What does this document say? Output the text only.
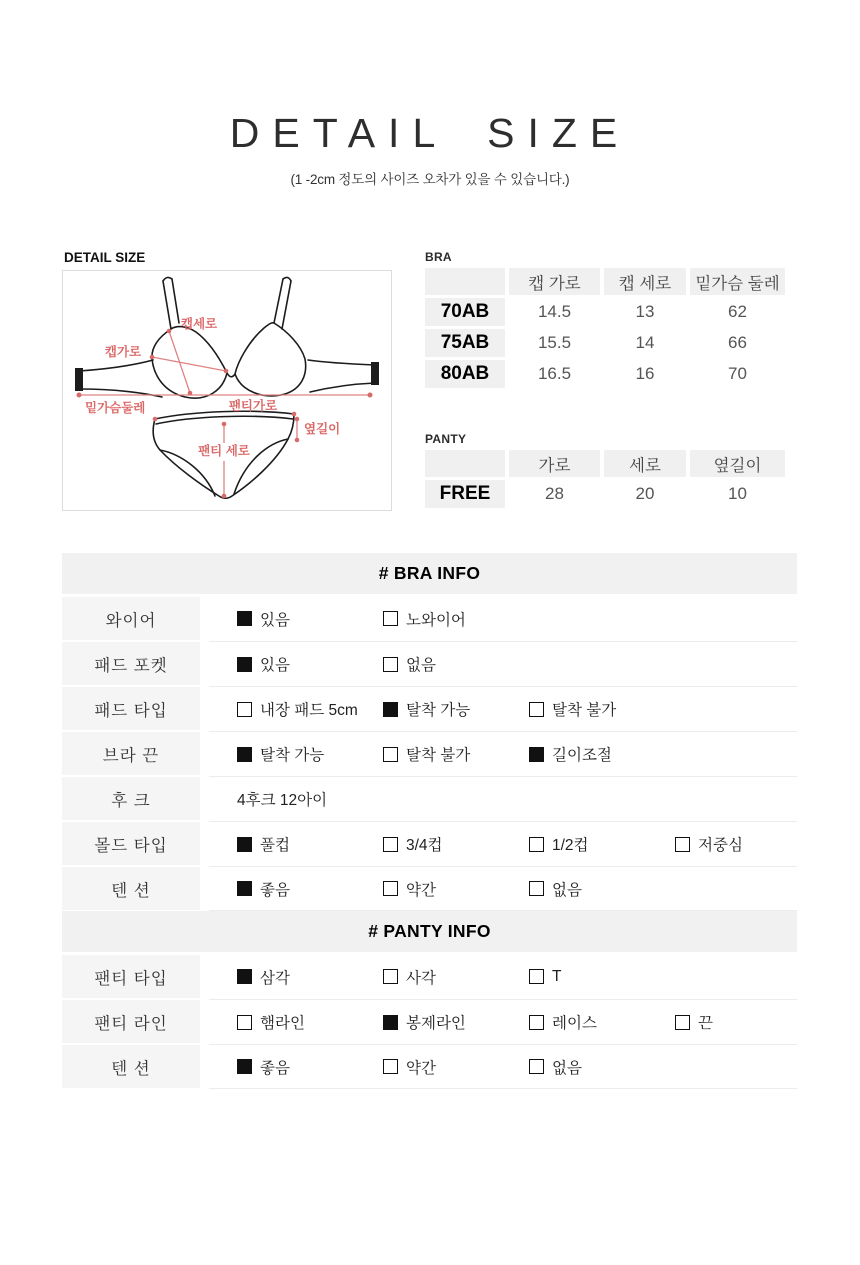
DETAIL SIZE
(1 -2cm 정도의 사이즈 오차가 있을 수 있습니다.)
DETAIL SIZE
캡세로
캡가로
밑가슴둘레	팬티가로
옆길이
팬티 세로
BRA
캡 가로	캡 세로	밑가슴 둘레
70AB	14.5	13	62
75AB	15.5	14	66
80AB	16.5	16	70
PANTY
가로	세로	옆길이
FREE	28	20	10
# BRA INFO
와이어	있음	노와이어
패드 포켓	있음	없음
패드 타입	내장 패드 5cm	탈착 가능	탈착 불가
브라 끈	탈착 가능	탈착 불가	길이조절
후 크	4후크 12아이
몰드 타입	풀컵	3/4컵	1/2컵	저중심
텐 션	좋음	약간	없음
# PANTY INFO
팬티 타입	삼각	사각	T
팬티 라인	햄라인	봉제라인	레이스	끈
텐 션	좋음	약간	없음
